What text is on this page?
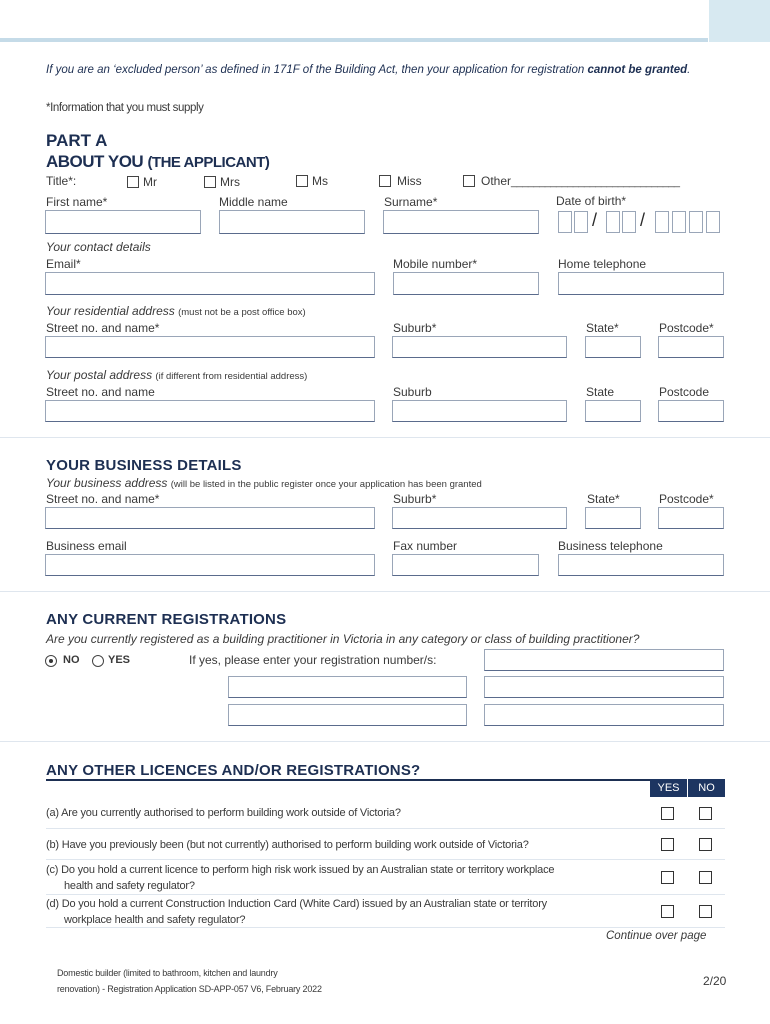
If you are an ‘excluded person’ as defined in 171F of the Building Act, then your application for registration cannot be granted.
*Information that you must supply
PART A
ABOUT YOU (THE APPLICANT)
Title*:	Mr	Mrs	Ms	Miss	Other______________________________
First name*	Middle name	Surname*	Date of birth*
/ /
Your contact details
Email*	Mobile number*	Home telephone
Your residential address (must not be a post office box)
Street no. and name*	Suburb*	State*	Postcode*
Your postal address (if different from residential address)
Street no. and name	Suburb	State	Postcode
YOUR BUSINESS DETAILS
Your business address (will be listed in the public register once your application has been granted
Street no. and name*	Suburb*	State*	Postcode*
Business email	Fax number	Business telephone
ANY CURRENT REGISTRATIONS
Are you currently registered as a building practitioner in Victoria in any category or class of building practitioner?
NO	YES	If yes, please enter your registration number/s:
ANY OTHER LICENCES AND/OR REGISTRATIONS?
YES	NO
(a) Are you currently authorised to perform building work outside of Victoria?
(b) Have you previously been (but not currently) authorised to perform building work outside of Victoria?
(c) Do you hold a current licence to perform high risk work issued by an Australian state or territory workplace
health and safety regulator?
(d) Do you hold a current Construction Induction Card (White Card) issued by an Australian state or territory
workplace health and safety regulator?
Continue over page
Domestic builder (limited to bathroom, kitchen and laundry
renovation) - Registration Application SD-APP-057 V6, February 2022
2/20
